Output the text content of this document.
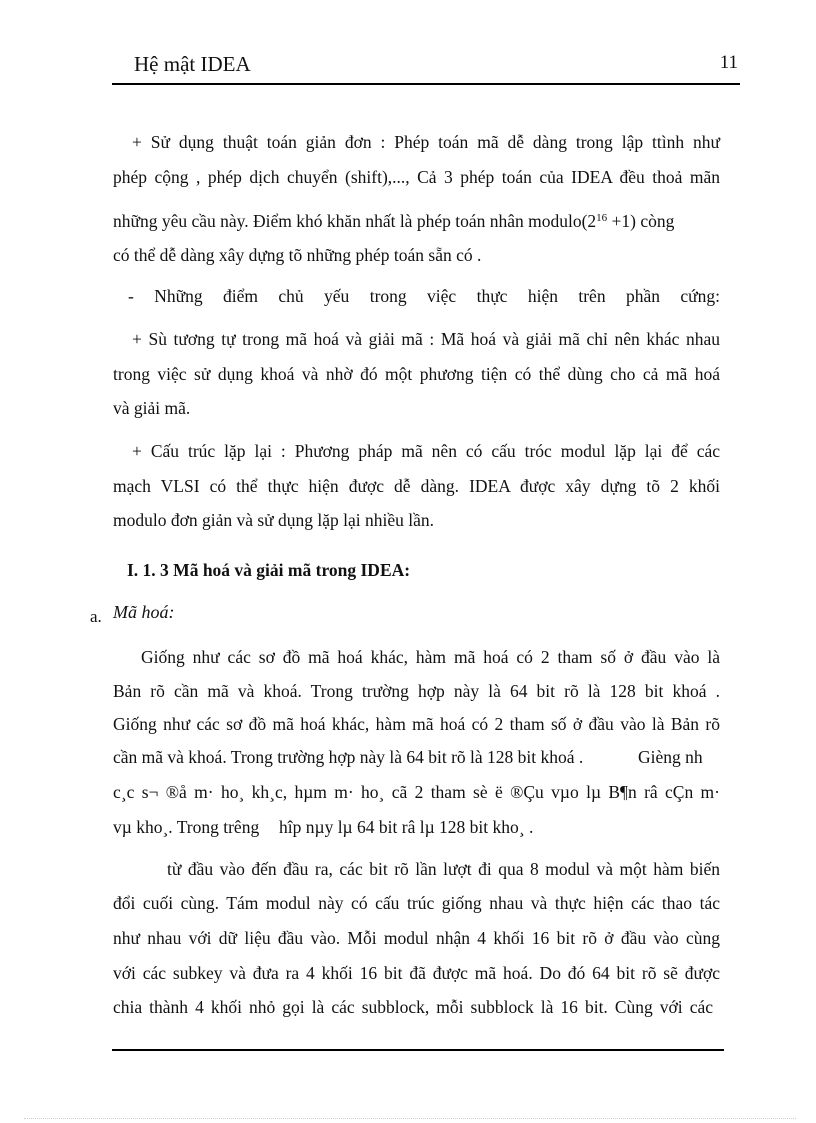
Hệ mật IDEA	11
+ Sử dụng thuật toán giản đơn : Phép toán mã dễ dàng trong lập ttình như
phép cộng , phép dịch chuyển (shift),..., Cả 3 phép toán của IDEA đều thoả mãn
những yêu cầu này. Điểm khó khăn nhất là phép toán nhân $modulo(2^{16} +1)$ còng
có thể dễ dàng xây dựng tõ những phép toán sẵn có .
- Những điểm chủ yếu trong việc thực hiện trên phần cứng:
+ Sù tương tự trong mã hoá và giải mã : Mã hoá và giải mã chỉ nên khác nhau
trong việc sử dụng khoá và nhờ đó một phương tiện có thể dùng cho cả mã hoá
và giải mã.
+ Cấu trúc lặp lại : Phương pháp mã nên có cấu tróc modul lặp lại để các
mạch VLSI có thể thực hiện được dễ dàng. IDEA được xây dựng tõ 2 khối
modulo đơn giản và sử dụng lặp lại nhiều lần.
I. 1. 3 Mã hoá và giải mã trong IDEA:
a. Mã hoá:
Giống như các sơ đồ mã hoá khác, hàm mã hoá có 2 tham số ở đầu vào là
Bản rõ cần mã và khoá. Trong trường hợp này là 64 bit rõ là 128 bit khoá .
Giống như các sơ đồ mã hoá khác, hàm mã hoá có 2 tham số ở đầu vào là Bản rõ
cần mã và khoá. Trong trường hợp này là 64 bit rõ là 128 bit khoá .	Gièng nh
c¸c s¬ ®å m· ho¸ kh¸c, hµm m· ho¸ cã 2 tham sè ë ®Çu vµo lµ B¶n râ cÇn m·
vµ kho¸. Trong trêng hîp nµy lµ 64 bit râ lµ 128 bit kho¸ .
từ đầu vào đến đầu ra, các bit rõ lần lượt đi qua 8 modul và một hàm biến
đổi cuối cùng. Tám modul này có cấu trúc giống nhau và thực hiện các thao tác
như nhau với dữ liệu đầu vào. Mỗi modul nhận 4 khối 16 bit rõ ở đầu vào cùng
với các subkey và đưa ra 4 khối 16 bit đã được mã hoá. Do đó 64 bit rõ sẽ được
chia thành 4 khối nhỏ gọi là các subblock, mỗi subblock là 16 bit. Cùng với các
